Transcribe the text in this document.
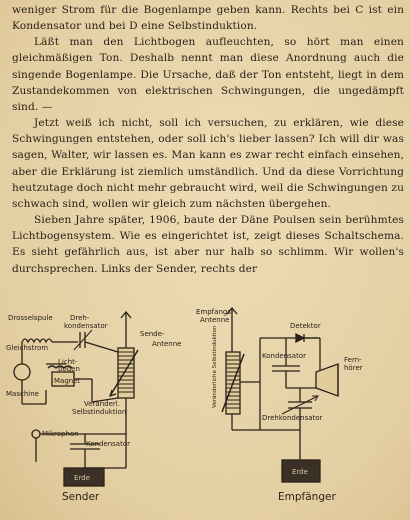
weniger Strom für die Bogenlampe geben kann. Rechts bei C ist ein Kondensator und bei D eine Selbstinduktion.

Läßt man den Lichtbogen aufleuchten, so hört man einen gleichmäßigen Ton. Deshalb nennt man diese Anordnung auch die singende Bogenlampe. Die Ursache, daß der Ton entsteht, liegt in dem Zustandekommen von elektrischen Schwingungen, die ungedämpft sind. —

Jetzt weiß ich nicht, soll ich versuchen, zu erklären, wie diese Schwingungen entstehen, oder soll ich's lieber lassen? Ich will dir was sagen, Walter, wir lassen es. Man kann es zwar recht einfach einsehen, aber die Erklärung ist ziemlich umständlich. Und da diese Vorrichtung heutzutage doch nicht mehr gebraucht wird, weil die Schwingungen zu schwach sind, wollen wir gleich zum nächsten übergehen.

Sieben Jahre später, 1906, baute der Däne Poulsen sein berühmtes Lichtbogensystem. Wie es eingerichtet ist, zeigt dieses Schaltschema. Es sieht gefährlich aus, ist aber nur halb so schlimm. Wir wollen's durchsprechen. Links der Sender, rechts der

Drosselspule	Dreh-kondensator
Gleichstrom
Maschine
Licht-bogen
Magnet
Sende-Antenne
Veränderl. Selbstinduktion
Mikrophon
Kondensator
Erde
Sender
Empfangs-Antenne
Veränderliche Selbstinduktion	Detektor
Kondensator	Fern-hörer
Drehkondensator
Erde
Empfänger
